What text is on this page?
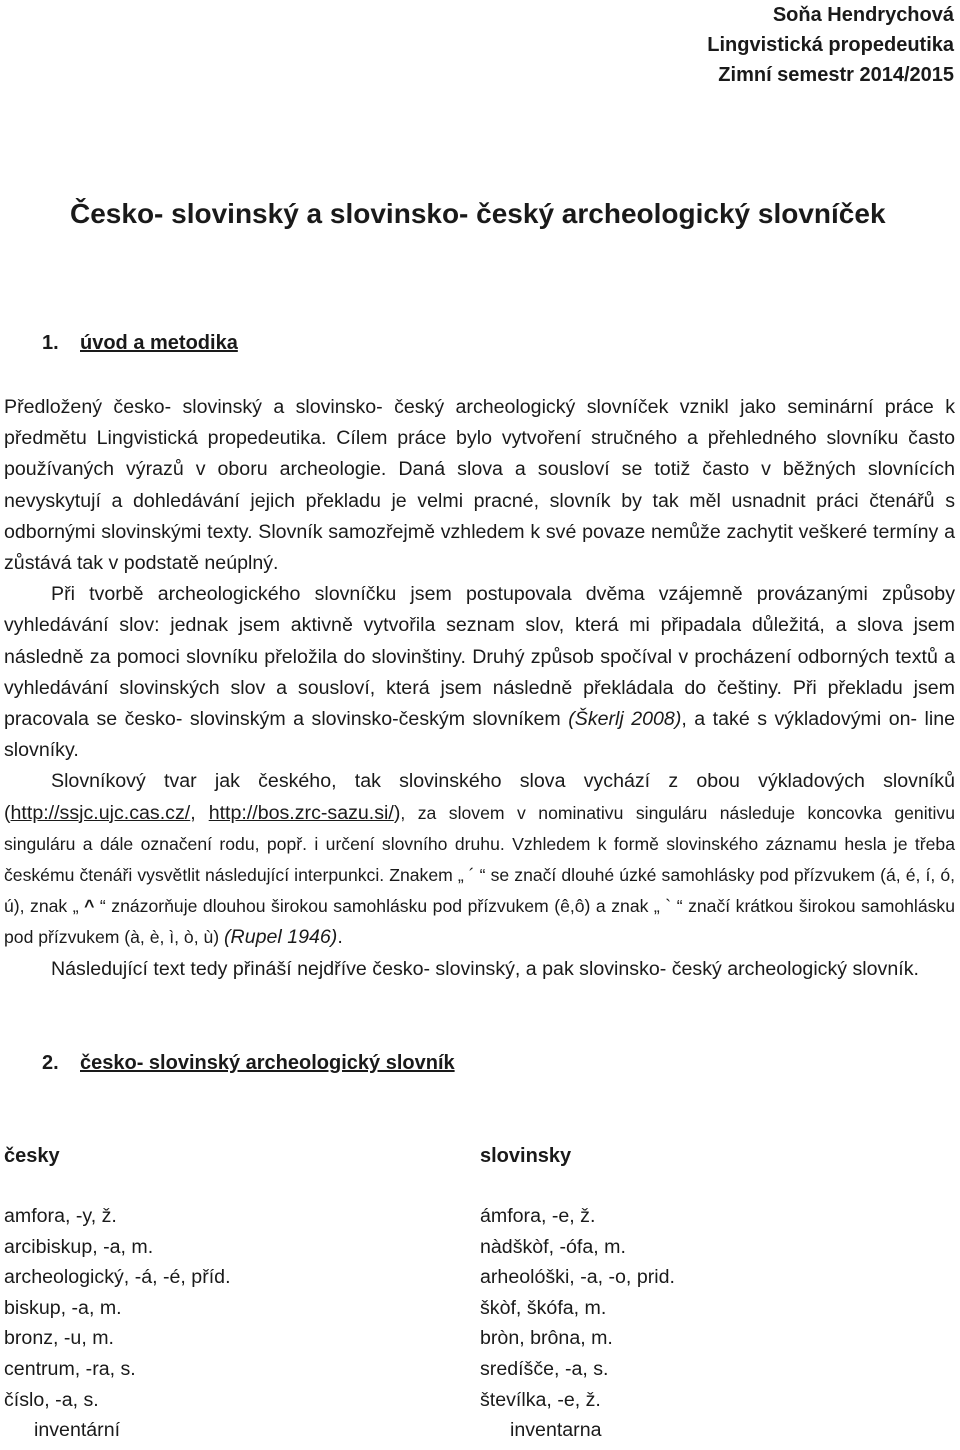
Soňa Hendrychová
Lingvistická propedeutika
Zimní semestr 2014/2015
Česko- slovinský a slovinsko- český archeologický slovníček
1. úvod a metodika

Předložený česko- slovinský a slovinsko- český archeologický slovníček vznikl jako seminární práce k předmětu Lingvistická propedeutika. Cílem práce bylo vytvoření stručného a přehledného slovníku často používaných výrazů v oboru archeologie. Daná slova a sousloví se totiž často v běžných slovnících nevyskytují a dohledávání jejich překladu je velmi pracné, slovník by tak měl usnadnit práci čtenářů s odbornými slovinskými texty. Slovník samozřejmě vzhledem k své povaze nemůže zachytit veškeré termíny a zůstává tak v podstatě neúplný.

Při tvorbě archeologického slovníčku jsem postupovala dvěma vzájemně provázanými způsoby vyhledávání slov: jednak jsem aktivně vytvořila seznam slov, která mi připadala důležitá, a slova jsem následně za pomoci slovníku přeložila do slovinštiny. Druhý způsob spočíval v procházení odborných textů a vyhledávání slovinských slov a sousloví, která jsem následně překládala do češtiny. Při překladu jsem pracovala se česko- slovinským a slovinsko-českým slovníkem (Škerlj 2008), a také s výkladovými on- line slovníky.

Slovníkový tvar jak českého, tak slovinského slova vychází z obou výkladových slovníků (http://ssjc.ujc.cas.cz/, http://bos.zrc-sazu.si/), za slovem v nominativu singuláru následuje koncovka genitivu singuláru a dále označení rodu, popř. i určení slovního druhu. Vzhledem k formě slovinského záznamu hesla je třeba českému čtenáři vysvětlit následující interpunkci. Znakem „ ´ “ se značí dlouhé úzké samohlásky pod přízvukem (á, é, í, ó, ú), znak „ ^ “ znázorňuje dlouhou širokou samohlásku pod přízvukem (ê,ô) a znak „ ` “ značí krátkou širokou samohlásku pod přízvukem (à, è, ì, ò, ù) (Rupel 1946).

Následující text tedy přináší nejdříve česko- slovinský, a pak slovinsko- český archeologický slovník.

2. česko- slovinský archeologický slovník
česky	slovinsky
amfora, -y, ž.	ámfora, -e, ž.
arcibiskup, -a, m.	nàdškòf, -ófa, m.
archeologický, -á, -é, příd.	arheolóški, -a, -o, prid.
biskup, -a, m.	škòf, škófa, m.
bronz, -u, m.	bròn, brôna, m.
centrum, -ra, s.	sredíšče, -a, s.
číslo, -a, s.	števílka, -e, ž.
inventární	inventarna
